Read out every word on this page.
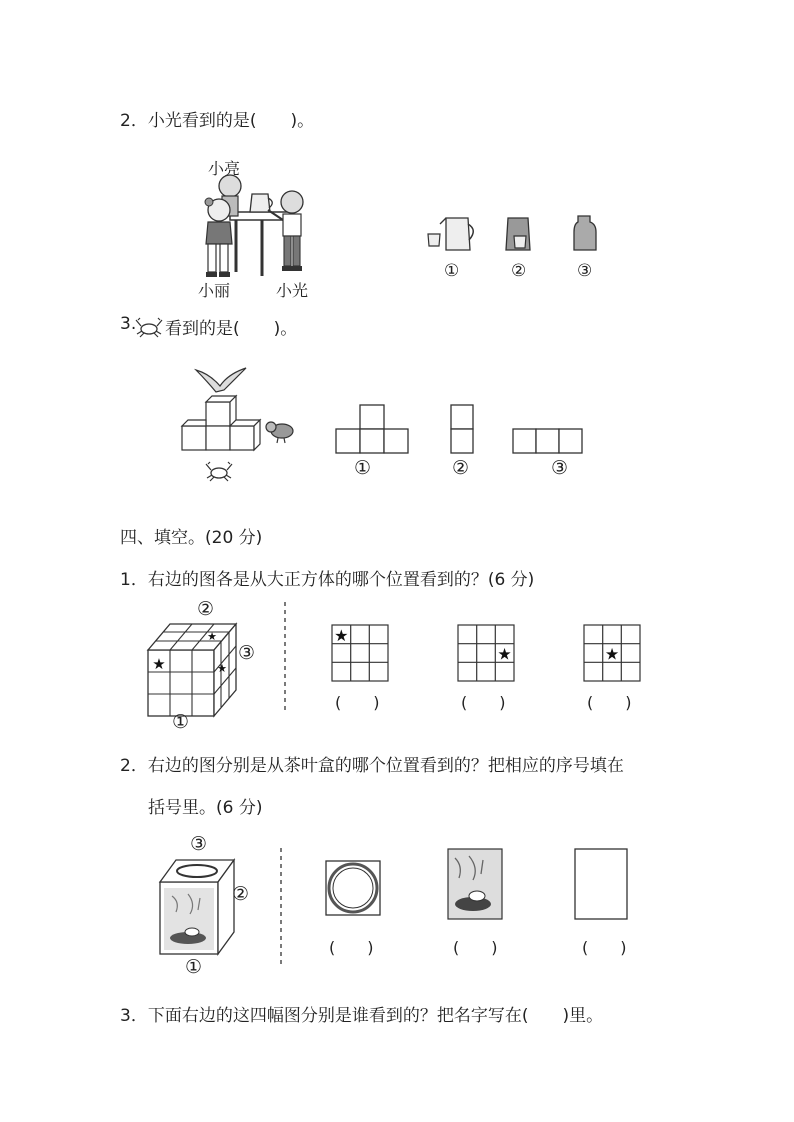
2．小光看到的是(　　)。
小亮
小丽	小光
①	②	③
3. 看到的是(　　)。
①	②	③
四、填空。(20 分)
1．右边的图各是从大正方体的哪个位置看到的？(6 分)
★
★
★
②
③
①
★
★	★
(　　)	(　　)	(　　)
2．右边的图分别是从茶叶盒的哪个位置看到的？把相应的序号填在
括号里。(6 分)
③
②
①
(　　)	(　　)	(　　)
3．下面右边的这四幅图分别是谁看到的？把名字写在(　　)里。
